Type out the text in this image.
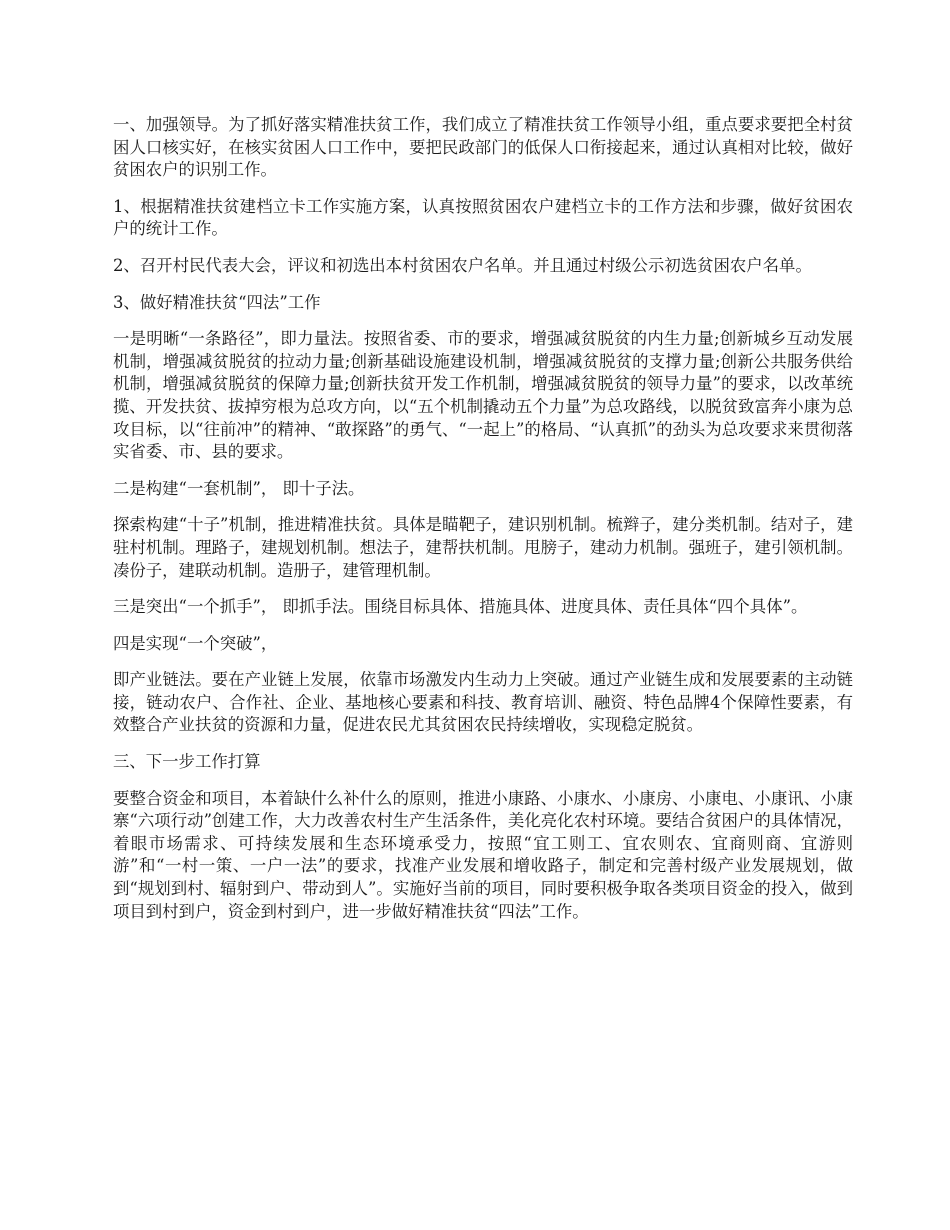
一、加强领导。为了抓好落实精准扶贫工作，我们成立了精准扶贫工作领导小组，重点要求要把全村贫困人口核实好，在核实贫困人口工作中，要把民政部门的低保人口衔接起来，通过认真相对比较，做好贫困农户的识别工作。

1、根据精准扶贫建档立卡工作实施方案，认真按照贫困农户建档立卡的工作方法和步骤，做好贫困农户的统计工作。

2、召开村民代表大会，评议和初选出本村贫困农户名单。并且通过村级公示初选贫困农户名单。

3、做好精准扶贫“四法”工作

一是明晰“一条路径”，即力量法。按照省委、市的要求，增强减贫脱贫的内生力量;创新城乡互动发展机制，增强减贫脱贫的拉动力量;创新基础设施建设机制，增强减贫脱贫的支撑力量;创新公共服务供给机制，增强减贫脱贫的保障力量;创新扶贫开发工作机制，增强减贫脱贫的领导力量”的要求，以改革统揽、开发扶贫、拔掉穷根为总攻方向，以“五个机制撬动五个力量”为总攻路线，以脱贫致富奔小康为总攻目标，以“往前冲”的精神、“敢探路”的勇气、“一起上”的格局、“认真抓”的劲头为总攻要求来贯彻落实省委、市、县的要求。

二是构建“一套机制”， 即十子法。

探索构建“十子”机制，推进精准扶贫。具体是瞄靶子，建识别机制。梳辫子，建分类机制。结对子，建驻村机制。理路子，建规划机制。想法子，建帮扶机制。甩膀子，建动力机制。强班子，建引领机制。凑份子，建联动机制。造册子，建管理机制。

三是突出“一个抓手”， 即抓手法。围绕目标具体、措施具体、进度具体、责任具体“四个具体”。

四是实现“一个突破”，

即产业链法。要在产业链上发展，依靠市场激发内生动力上突破。通过产业链生成和发展要素的主动链接，链动农户、合作社、企业、基地核心要素和科技、教育培训、融资、特色品牌4个保障性要素，有效整合产业扶贫的资源和力量，促进农民尤其贫困农民持续增收，实现稳定脱贫。

三、下一步工作打算

要整合资金和项目，本着缺什么补什么的原则，推进小康路、小康水、小康房、小康电、小康讯、小康寨“六项行动”创建工作，大力改善农村生产生活条件，美化亮化农村环境。要结合贫困户的具体情况，着眼市场需求、可持续发展和生态环境承受力，按照“宜工则工、宜农则农、宜商则商、宜游则游”和“一村一策、一户一法”的要求，找准产业发展和增收路子，制定和完善村级产业发展规划，做到“规划到村、辐射到户、带动到人”。实施好当前的项目，同时要积极争取各类项目资金的投入，做到项目到村到户，资金到村到户，进一步做好精准扶贫“四法”工作。
